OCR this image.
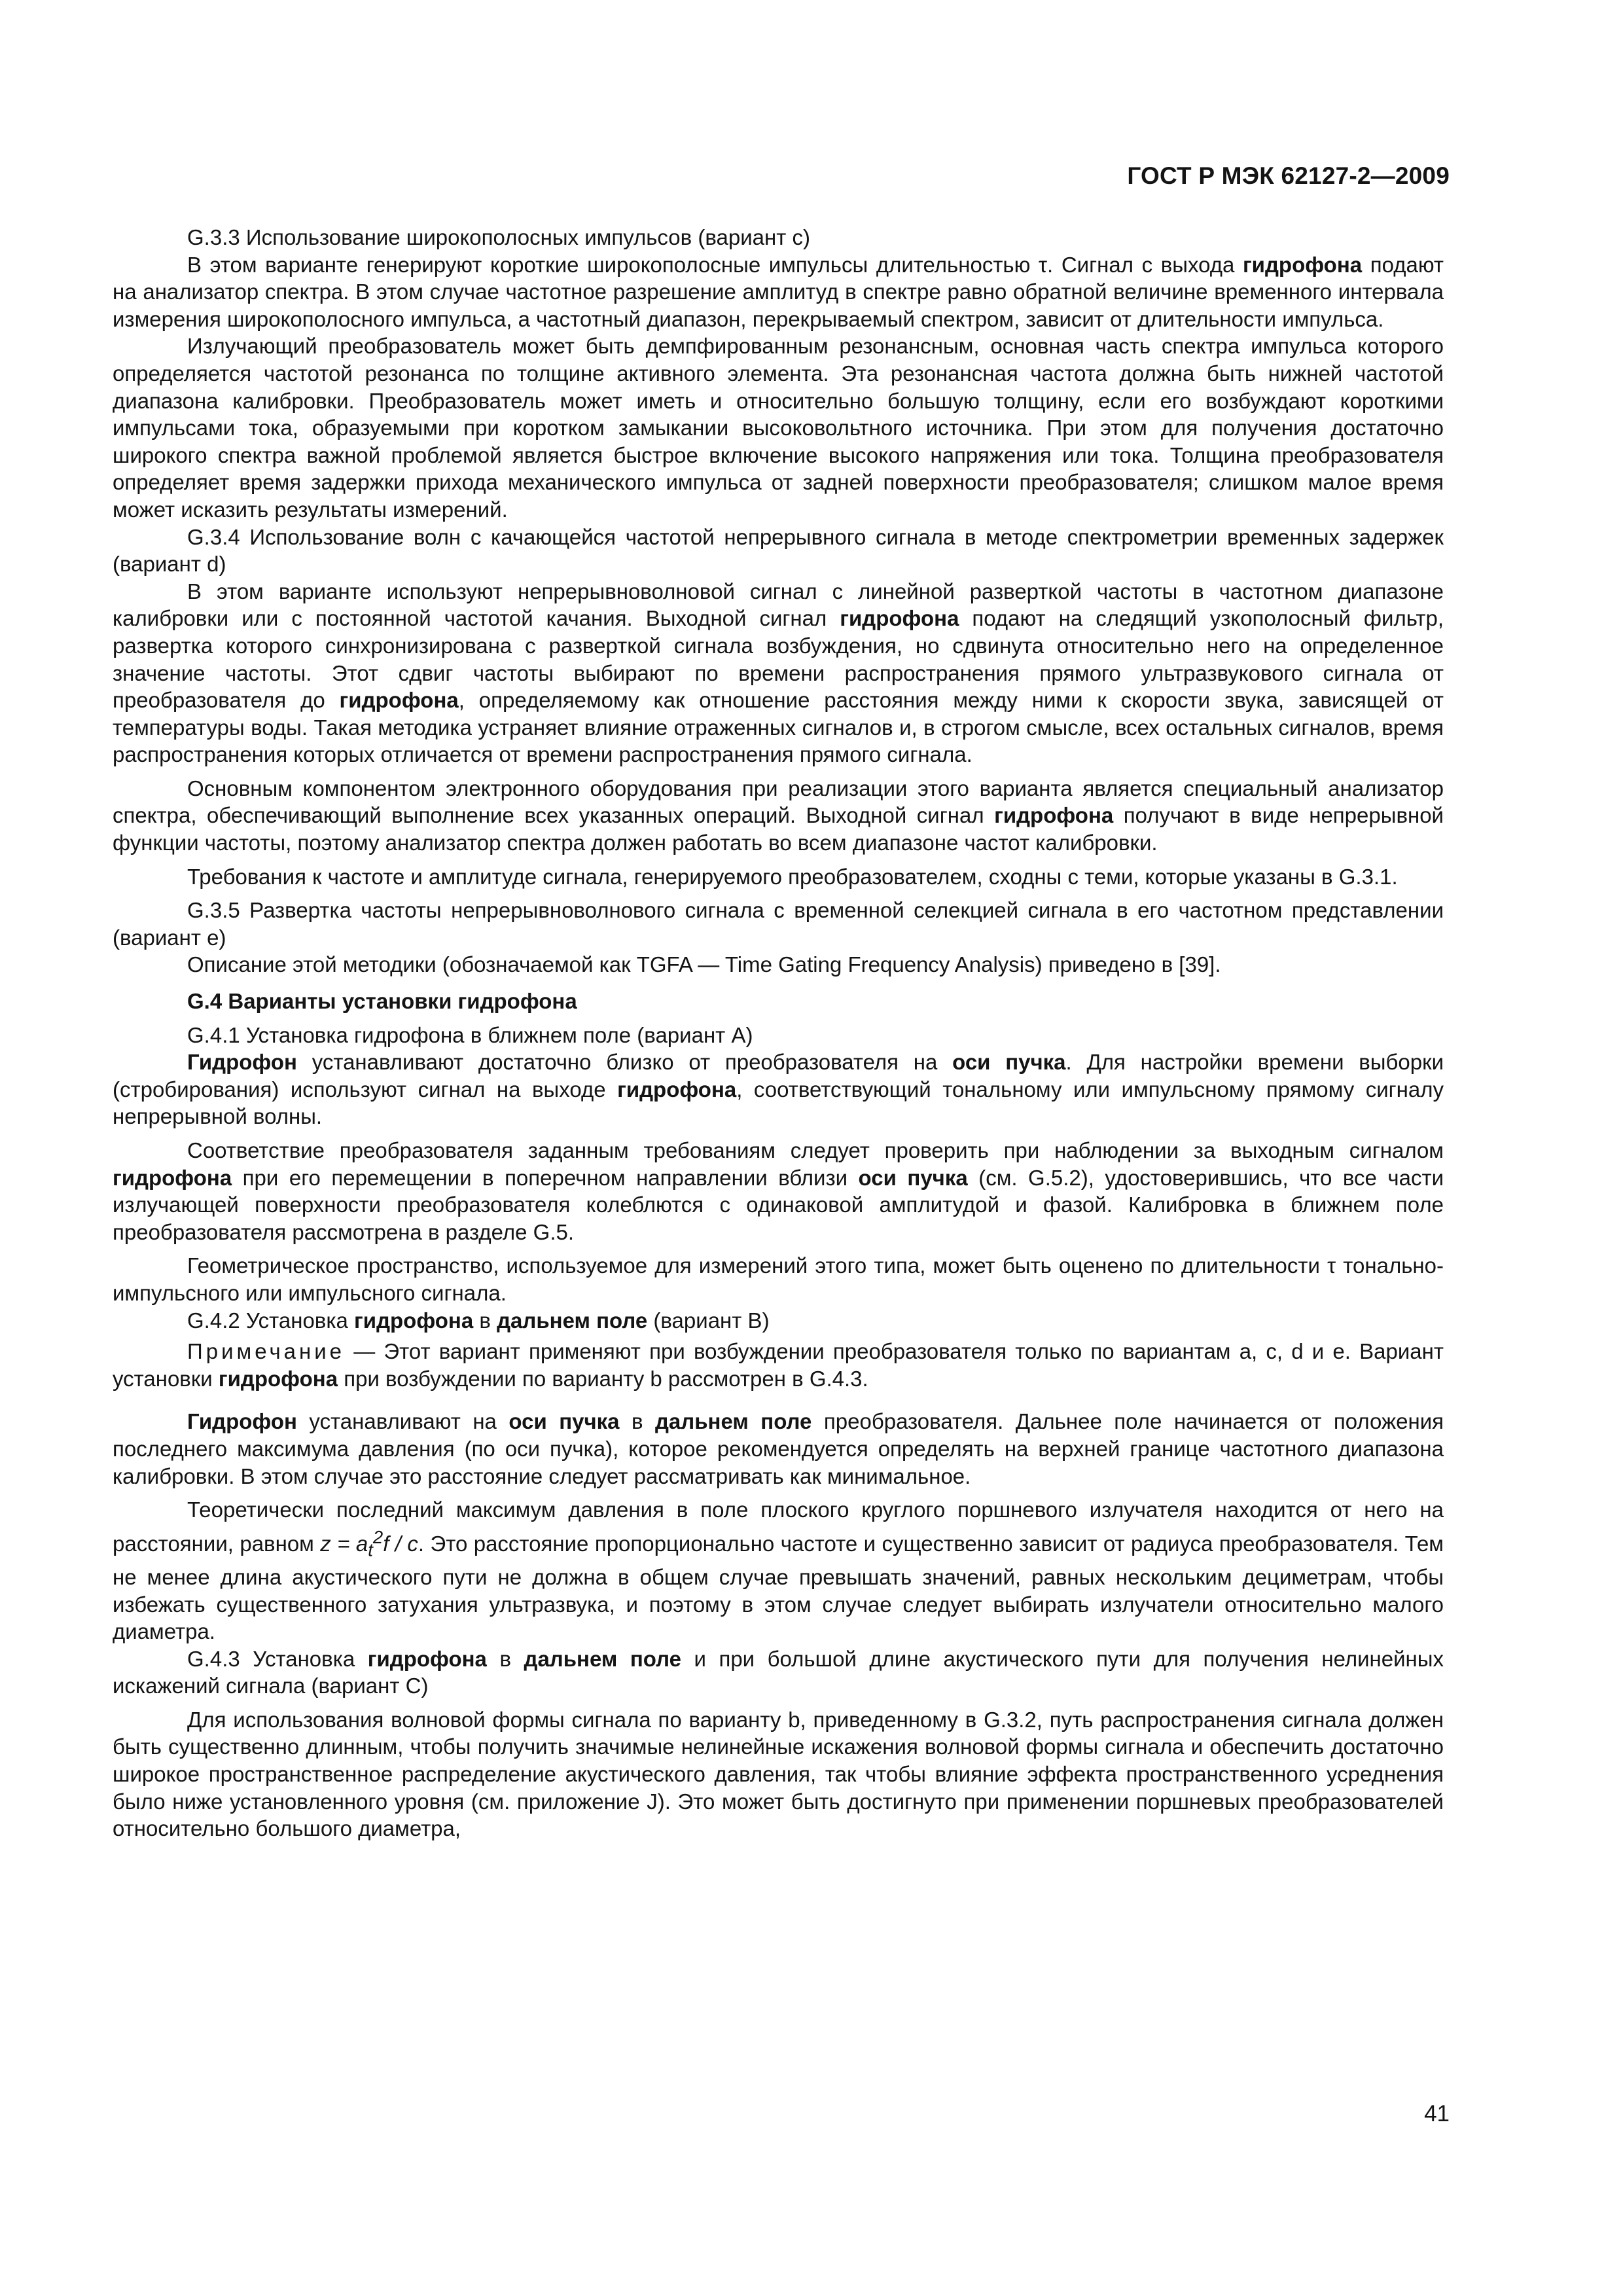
ГОСТ Р МЭК 62127-2—2009

G.3.3 Использование широкополосных импульсов (вариант с)

В этом варианте генерируют короткие широкополосные импульсы длительностью τ. Сигнал с выхода гидрофона подают на анализатор спектра. В этом случае частотное разрешение амплитуд в спектре равно обратной величине временного интервала измерения широкополосного импульса, а частотный диапазон, перекрываемый спектром, зависит от длительности импульса.

Излучающий преобразователь может быть демпфированным резонансным, основная часть спектра импульса которого определяется частотой резонанса по толщине активного элемента. Эта резонансная частота должна быть нижней частотой диапазона калибровки. Преобразователь может иметь и относительно большую толщину, если его возбуждают короткими импульсами тока, образуемыми при коротком замыкании высоковольтного источника. При этом для получения достаточно широкого спектра важной проблемой является быстрое включение высокого напряжения или тока. Толщина преобразователя определяет время задержки прихода механического импульса от задней поверхности преобразователя; слишком малое время может исказить результаты измерений.

G.3.4 Использование волн с качающейся частотой непрерывного сигнала в методе спектрометрии временных задержек (вариант d)

В этом варианте используют непрерывноволновой сигнал с линейной разверткой частоты в частотном диапазоне калибровки или с постоянной частотой качания. Выходной сигнал гидрофона подают на следящий узкополосный фильтр, развертка которого синхронизирована с разверткой сигнала возбуждения, но сдвинута относительно него на определенное значение частоты. Этот сдвиг частоты выбирают по времени распространения прямого ультразвукового сигнала от преобразователя до гидрофона, определяемому как отношение расстояния между ними к скорости звука, зависящей от температуры воды. Такая методика устраняет влияние отраженных сигналов и, в строгом смысле, всех остальных сигналов, время распространения которых отличается от времени распространения прямого сигнала.

Основным компонентом электронного оборудования при реализации этого варианта является специальный анализатор спектра, обеспечивающий выполнение всех указанных операций. Выходной сигнал гидрофона получают в виде непрерывной функции частоты, поэтому анализатор спектра должен работать во всем диапазоне частот калибровки.

Требования к частоте и амплитуде сигнала, генерируемого преобразователем, сходны с теми, которые указаны в G.3.1.

G.3.5 Развертка частоты непрерывноволнового сигнала с временной селекцией сигнала в его частотном представлении (вариант е)

Описание этой методики (обозначаемой как TGFA — Time Gating Frequency Analysis) приведено в [39].

G.4 Варианты установки гидрофона

G.4.1 Установка гидрофона в ближнем поле (вариант А)

Гидрофон устанавливают достаточно близко от преобразователя на оси пучка. Для настройки времени выборки (стробирования) используют сигнал на выходе гидрофона, соответствующий тональному или импульсному прямому сигналу непрерывной волны.

Соответствие преобразователя заданным требованиям следует проверить при наблюдении за выходным сигналом гидрофона при его перемещении в поперечном направлении вблизи оси пучка (см. G.5.2), удостоверившись, что все части излучающей поверхности преобразователя колеблются с одинаковой амплитудой и фазой. Калибровка в ближнем поле преобразователя рассмотрена в разделе G.5.

Геометрическое пространство, используемое для измерений этого типа, может быть оценено по длительности τ тонально-импульсного или импульсного сигнала.

G.4.2 Установка гидрофона в дальнем поле (вариант В)

Примечание — Этот вариант применяют при возбуждении преобразователя только по вариантам а, с, d и е. Вариант установки гидрофона при возбуждении по варианту b рассмотрен в G.4.3.

Гидрофон устанавливают на оси пучка в дальнем поле преобразователя. Дальнее поле начинается от положения последнего максимума давления (по оси пучка), которое рекомендуется определять на верхней границе частотного диапазона калибровки. В этом случае это расстояние следует рассматривать как минимальное.

Теоретически последний максимум давления в поле плоского круглого поршневого излучателя находится от него на расстоянии, равном $z = a_t^2f / c$. Это расстояние пропорционально частоте и существенно зависит от радиуса преобразователя. Тем не менее длина акустического пути не должна в общем случае превышать значений, равных нескольким дециметрам, чтобы избежать существенного затухания ультразвука, и поэтому в этом случае следует выбирать излучатели относительно малого диаметра.

G.4.3 Установка гидрофона в дальнем поле и при большой длине акустического пути для получения нелинейных искажений сигнала (вариант С)

Для использования волновой формы сигнала по варианту b, приведенному в G.3.2, путь распространения сигнала должен быть существенно длинным, чтобы получить значимые нелинейные искажения волновой формы сигнала и обеспечить достаточно широкое пространственное распределение акустического давления, так чтобы влияние эффекта пространственного усреднения было ниже установленного уровня (см. приложение J). Это может быть достигнуто при применении поршневых преобразователей относительно большого диаметра,

41
